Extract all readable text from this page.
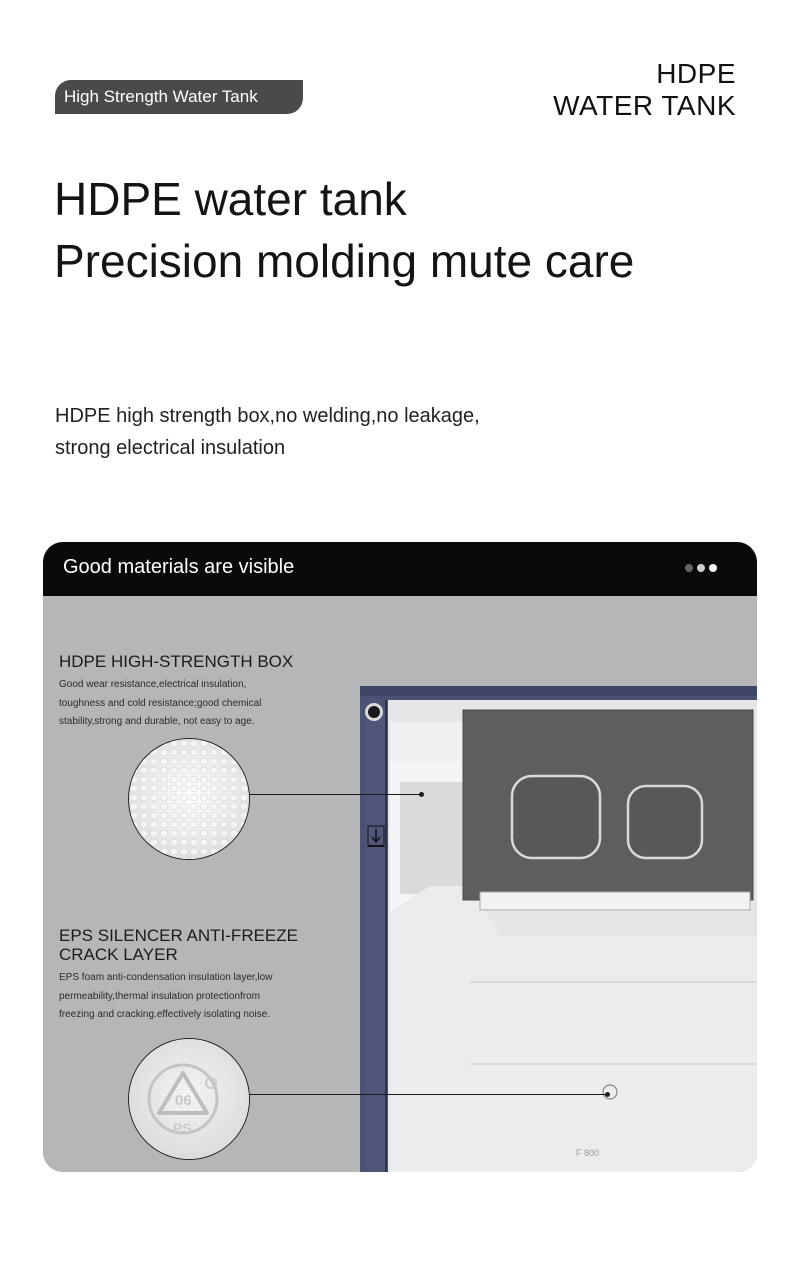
High Strength Water Tank
HDPE
WATER TANK
HDPE water tank
Precision molding mute care
HDPE high strength box,no welding,no leakage,
strong electrical insulation
Good materials are visible
F 800
HDPE HIGH-STRENGTH BOX
Good wear resistance,electrical insulation,
toughness and cold resistance;good chemical
stability,strong and durable, not easy to age.
EPS SILENCER ANTI-FREEZE CRACK LAYER
EPS foam anti-condensation insulation layer,low
permeability,thermal insulation protectionfrom
freezing and cracking.effectively isolating noise.
06
PS
